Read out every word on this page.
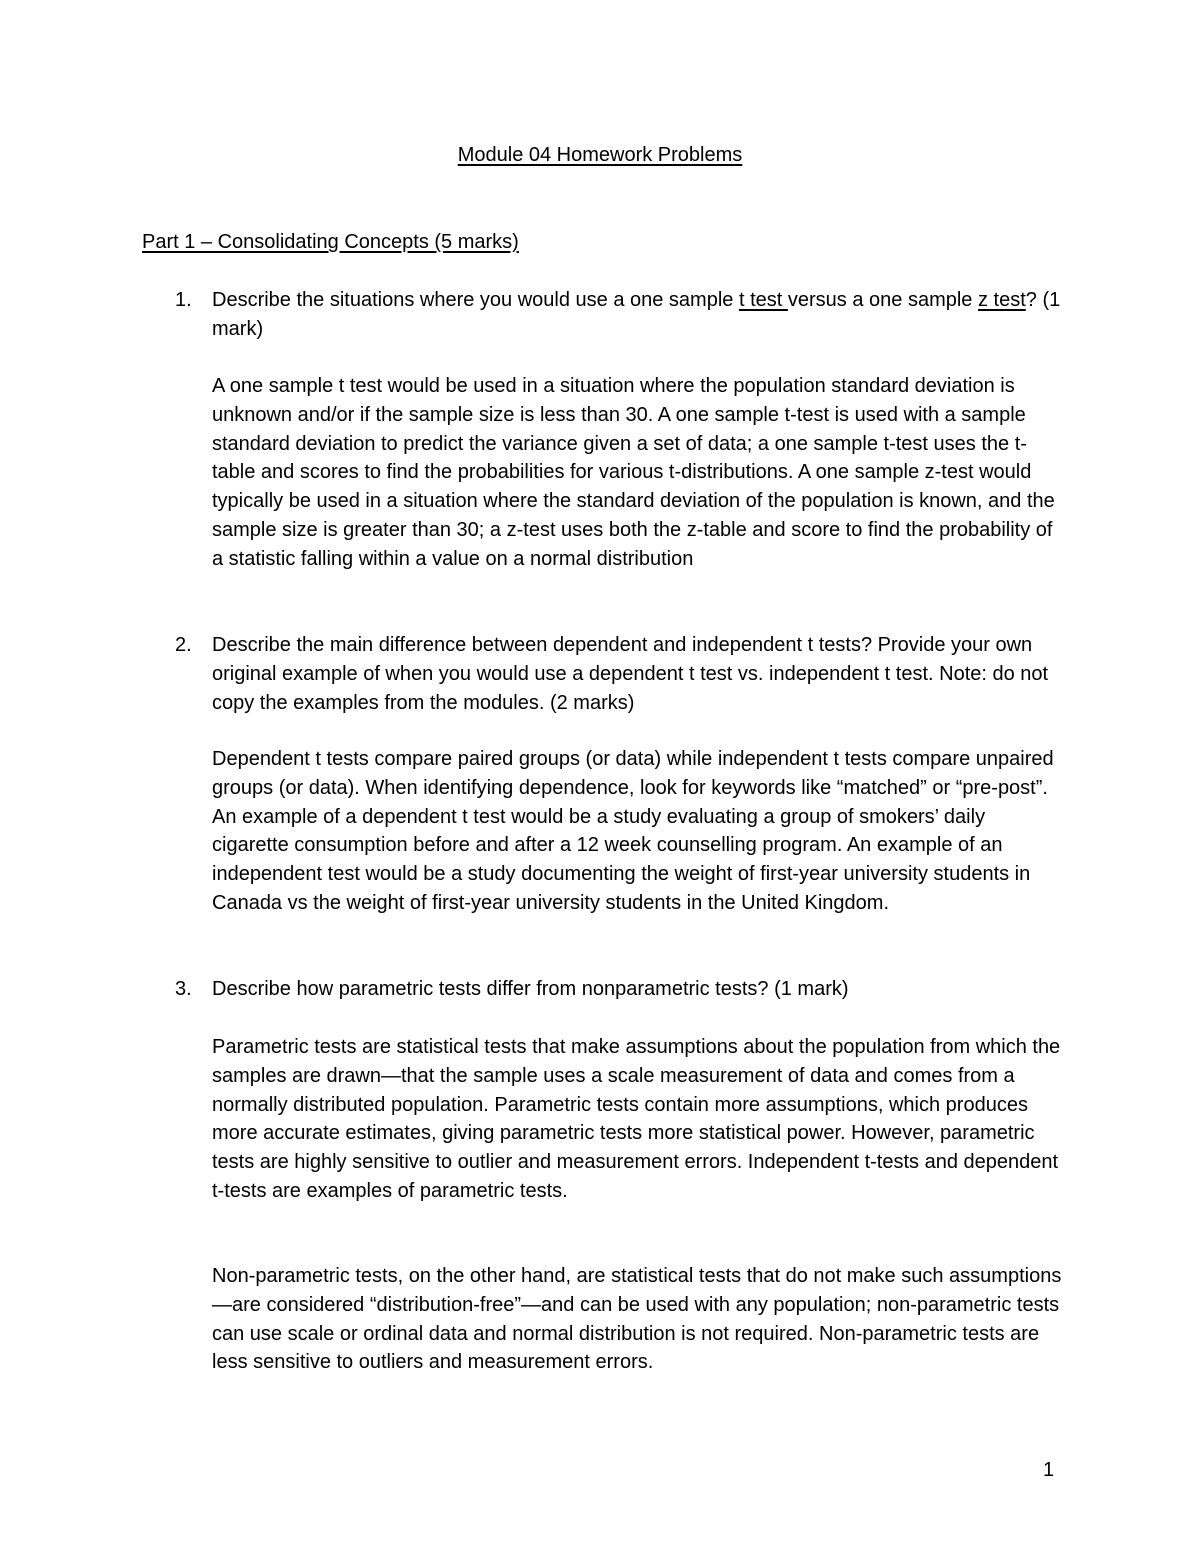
Module 04 Homework Problems
Part 1 – Consolidating Concepts (5 marks)
1. Describe the situations where you would use a one sample t test versus a one sample z test? (1 mark)
A one sample t test would be used in a situation where the population standard deviation is unknown and/or if the sample size is less than 30. A one sample t-test is used with a sample standard deviation to predict the variance given a set of data; a one sample t-test uses the t-table and scores to find the probabilities for various t-distributions. A one sample z-test would typically be used in a situation where the standard deviation of the population is known, and the sample size is greater than 30; a z-test uses both the z-table and score to find the probability of a statistic falling within a value on a normal distribution
2. Describe the main difference between dependent and independent t tests? Provide your own original example of when you would use a dependent t test vs. independent t test. Note: do not copy the examples from the modules. (2 marks)
Dependent t tests compare paired groups (or data) while independent t tests compare unpaired groups (or data). When identifying dependence, look for keywords like “matched” or “pre-post”. An example of a dependent t test would be a study evaluating a group of smokers’ daily cigarette consumption before and after a 12 week counselling program. An example of an independent test would be a study documenting the weight of first-year university students in Canada vs the weight of first-year university students in the United Kingdom.
3. Describe how parametric tests differ from nonparametric tests? (1 mark)
Parametric tests are statistical tests that make assumptions about the population from which the samples are drawn—that the sample uses a scale measurement of data and comes from a normally distributed population. Parametric tests contain more assumptions, which produces more accurate estimates, giving parametric tests more statistical power. However, parametric tests are highly sensitive to outlier and measurement errors. Independent t-tests and dependent t-tests are examples of parametric tests.
Non-parametric tests, on the other hand, are statistical tests that do not make such assumptions—are considered “distribution-free”—and can be used with any population; non-parametric tests can use scale or ordinal data and normal distribution is not required. Non-parametric tests are less sensitive to outliers and measurement errors.
1
